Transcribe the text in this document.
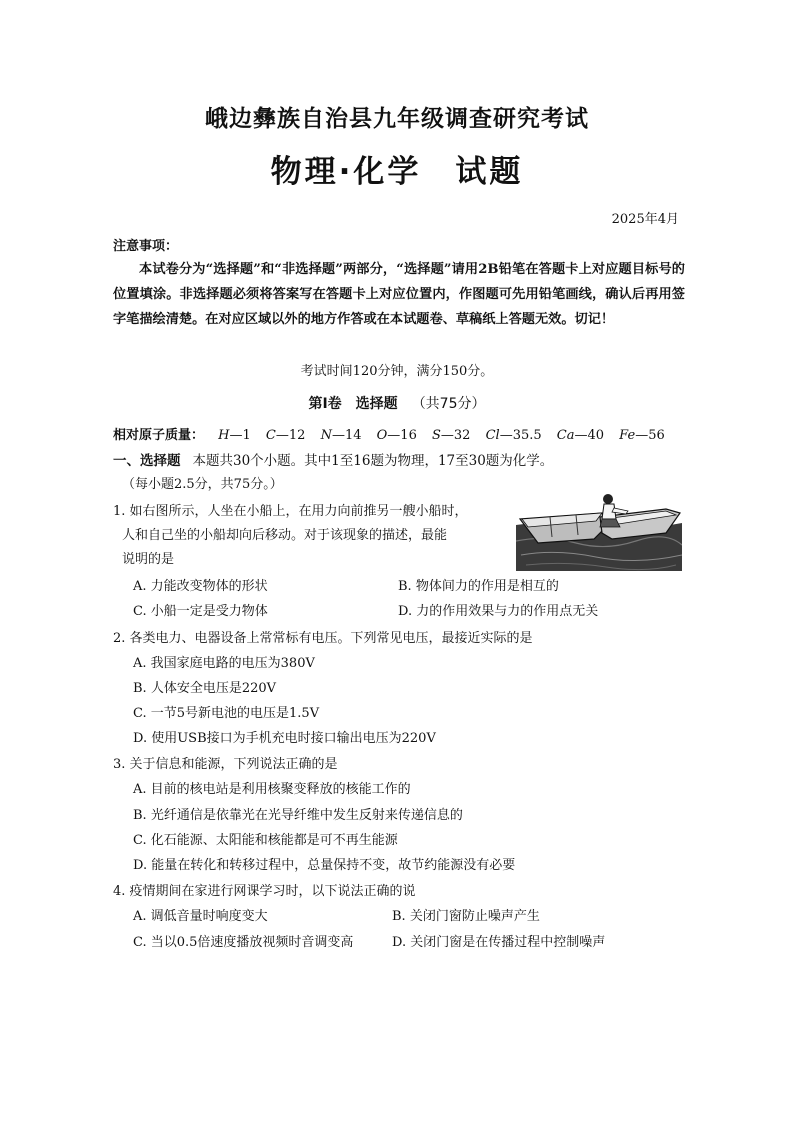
峨边彝族自治县九年级调查研究考试
物理·化学　试题
2025年4月
注意事项：
本试卷分为“选择题”和“非选择题”两部分，“选择题”请用2B铅笔在答题卡上对应题目标号的位置填涂。非选择题必须将答案写在答题卡上对应位置内，作图题可先用铅笔画线，确认后再用签字笔描绘清楚。在对应区域以外的地方作答或在本试题卷、草稿纸上答题无效。切记！
考试时间120分钟，满分150分。
第Ⅰ卷　选择题 （共75分）
相对原子质量： H—1 C—12 N—14 O—16 S—32 Cl—35.5 Ca—40 Fe—56
一、选择题 本题共30个小题。其中1至16题为物理，17至30题为化学。
（每小题2.5分，共75分。）
1. 如右图所示，人坐在小船上，在用力向前推另一艘小船时，
人和自己坐的小船却向后移动。对于该现象的描述，最能
说明的是
A. 力能改变物体的形状	B. 物体间力的作用是相互的
C. 小船一定是受力物体	D. 力的作用效果与力的作用点无关
2. 各类电力、电器设备上常常标有电压。下列常见电压，最接近实际的是
A. 我国家庭电路的电压为380V
B. 人体安全电压是220V
C. 一节5号新电池的电压是1.5V
D. 使用USB接口为手机充电时接口输出电压为220V
3. 关于信息和能源，下列说法正确的是
A. 目前的核电站是利用核聚变释放的核能工作的
B. 光纤通信是依靠光在光导纤维中发生反射来传递信息的
C. 化石能源、太阳能和核能都是可不再生能源
D. 能量在转化和转移过程中，总量保持不变，故节约能源没有必要
4. 疫情期间在家进行网课学习时，以下说法正确的说
A. 调低音量时响度变大	B. 关闭门窗防止噪声产生
C. 当以0.5倍速度播放视频时音调变高	D. 关闭门窗是在传播过程中控制噪声
